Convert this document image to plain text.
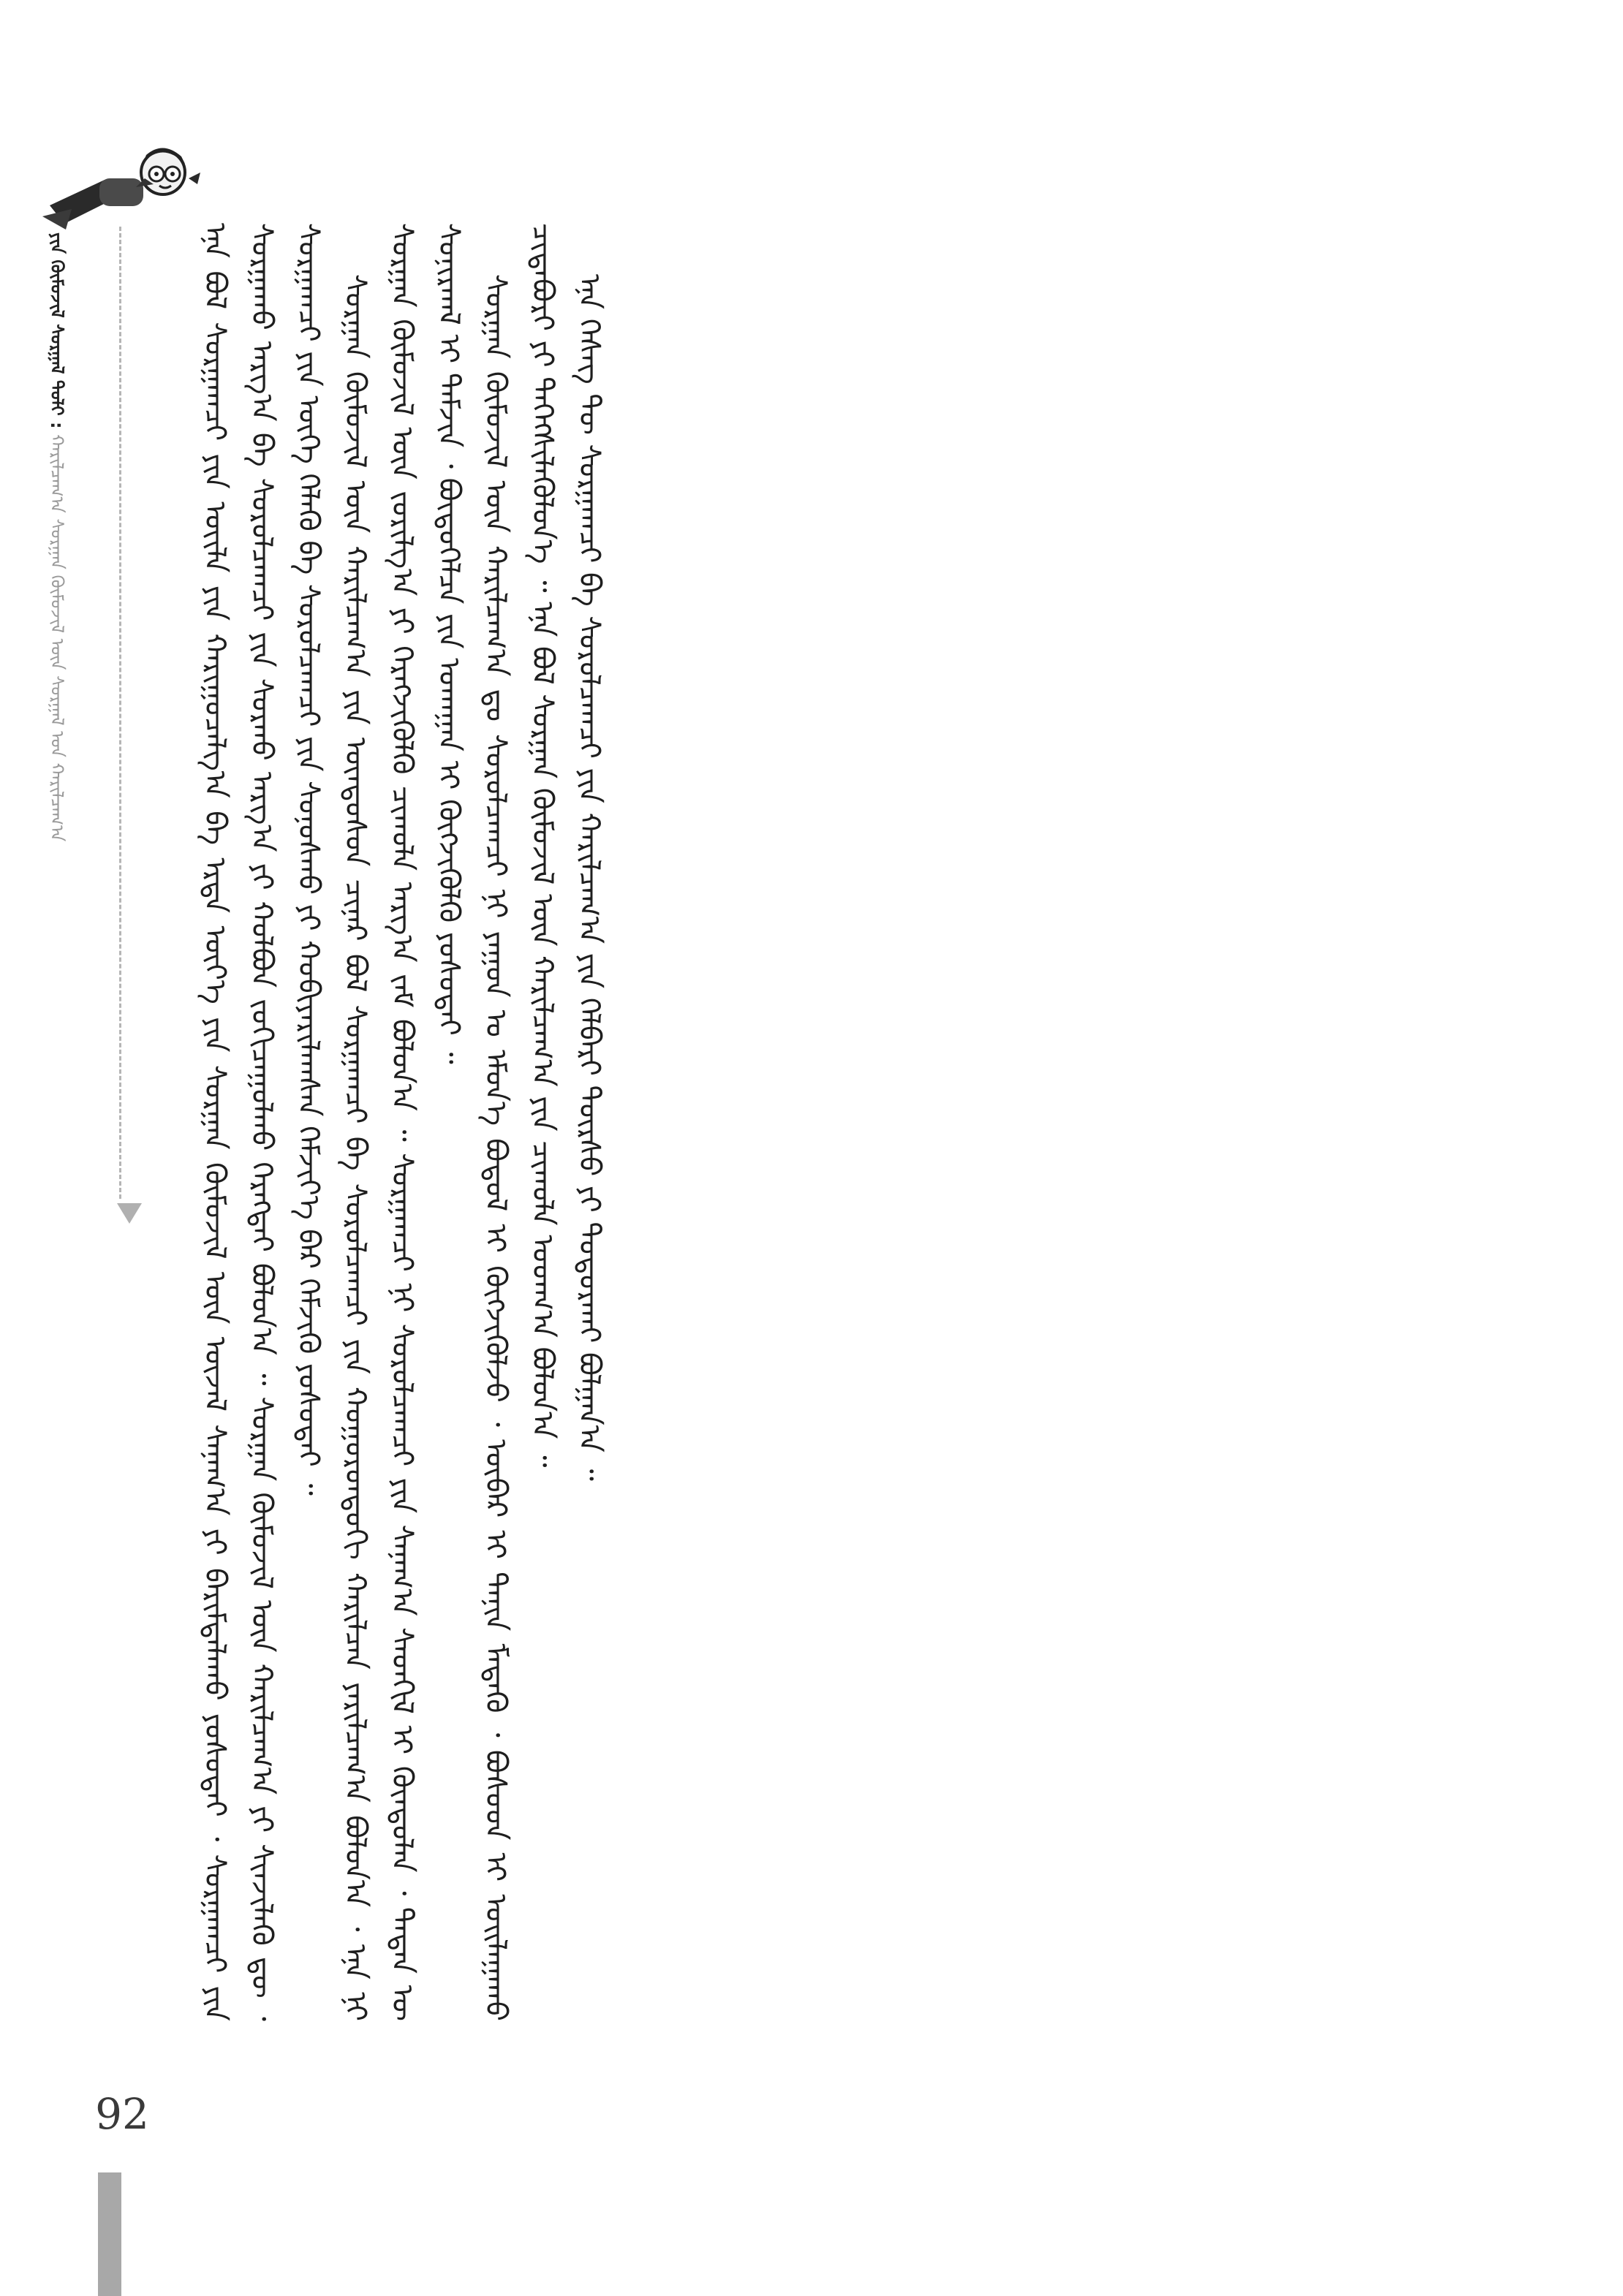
ᠶᠢᠨ ᠬᠦᠮᠦᠵᠢᠯ ᠰᠤᠷᠭᠠᠯ ᠲᠤᠯᠢ : ᠬᠠᠷᠢᠯᠴᠠᠭ᠎ᠠ ᠰᠤᠷᠭᠠᠨ ᠬᠦᠮᠦᠵᠢᠯ ᠦᠨ ᠰᠤᠷᠭᠠᠯ ᠤᠨ ᠬᠠᠷᠢᠯᠴᠠᠭ᠎ᠠ
92

ᠡᠨᠡ ᠪᠣᠯ ᠰᠤᠷᠭᠠᠭᠴᠢ ᠶᠢᠨ ᠦᠢᠯᠡ ᠶᠢᠨ ᠬᠠᠷᠢᠭᠤᠴᠠᠯᠭ᠎ᠠ ᠪᠠ ᠡᠷᠲᠡ ᠦᠶ᠎ᠡ ᠶᠢᠨ ᠰᠤᠷᠭᠠᠨ ᠬᠦᠮᠦᠵᠢᠯ ᠦᠨ ᠦᠵᠡᠯ ᠰᠠᠨᠠᠭ᠎ᠠ ᠶᠢ ᠪᠠᠷᠢᠮᠲᠠᠯᠠᠬᠤ ᠶᠤᠰᠤᠲᠠᠢ ᠂ ᠰᠤᠷᠭᠠᠭᠴᠢ ᠶᠢᠨ ᠰᠤᠷᠭᠠᠬᠤ ᠠᠷᠭ᠎ᠠ ᠪᠠ ᠰᠤᠷᠤᠯᠴᠠᠭᠴᠢ ᠶᠢᠨ ᠰᠤᠷᠬᠤ ᠠᠷᠭ᠎ᠠ ᠶᠢ ᠬᠣᠯᠪᠣᠨ ᠵᠣᠬᠢᠴᠠᠭᠤᠯᠬᠤ ᠬᠡᠷᠡᠭᠲᠡᠢ ᠪᠣᠯᠤᠨ᠎ᠠ ᠃ ᠰᠤᠷᠭᠠᠨ ᠬᠦᠮᠦᠵᠢᠯ ᠦᠨ ᠬᠠᠷᠢᠯᠴᠠᠭ᠎ᠠ ᠶᠢ ᠰᠢᠨᠵᠢᠯᠡᠬᠦ ᠳᠦ ᠂ ᠰᠤᠷᠭᠠᠭᠴᠢ ᠶᠢᠨ ᠦᠭᠡ ᠬᠡᠯᠡᠬᠦ ᠪᠠ ᠰᠤᠷᠤᠯᠴᠠᠭᠴᠢ ᠶᠢᠨ ᠰᠤᠨᠣᠰᠬᠤ ᠶᠢ ᠬᠤᠪᠢᠶᠠᠷᠢᠯᠠᠭᠰᠠᠨ ᠬᠡᠮᠵᠢᠶ᠎ᠡ ᠪᠡᠷ ᠬᠡᠮᠵᠢᠬᠦ ᠶᠤᠰᠤᠲᠠᠢ ᠃ ᠰᠤᠷᠭᠠᠨ ᠬᠦᠮᠦᠵᠢᠯ ᠦᠨ ᠬᠠᠷᠢᠯᠴᠠᠭ᠎ᠠ ᠶᠢᠨ ᠦᠨᠳᠦᠰᠦᠨ ᠴᠢᠨᠠᠷ ᠪᠣᠯ ᠰᠤᠷᠭᠠᠭᠴᠢ ᠪᠠ ᠰᠤᠷᠤᠯᠴᠠᠭᠴᠢ ᠶᠢᠨ ᠬᠣᠭᠣᠷᠣᠨᠳᠣᠬᠢ ᠬᠠᠷᠢᠯᠴᠠᠨ ᠶᠠᠷᠢᠯᠴᠠᠭ᠎ᠠ ᠪᠣᠯᠤᠨ᠎ᠠ ᠂ ᠡᠨᠡ ᠨᠢ ᠰᠤᠷᠭᠠᠨ ᠬᠦᠮᠦᠵᠢᠯ ᠦᠨ ᠵᠣᠷᠢᠯᠭ᠎ᠠ ᠶᠢ ᠬᠡᠷᠡᠭᠵᠢᠭᠦᠯᠬᠦ ᠴᠢᠬᠤᠯᠠ ᠠᠷᠭ᠎ᠠ ᠵᠠᠮ ᠪᠣᠯᠤᠨ᠎ᠠ ᠃ ᠰᠤᠷᠭᠠᠭᠴᠢ ᠨᠢ ᠰᠤᠷᠤᠯᠴᠠᠭᠴᠢ ᠶᠢᠨ ᠰᠠᠨᠠᠭ᠎ᠠ ᠰᠡᠳᠬᠢᠯ ᠢ ᠬᠦᠨᠳᠦᠯᠡᠨ ᠂ ᠲᠡᠳᠡᠨ ᠦ ᠰᠤᠨᠢᠷᠬᠠᠯ ᠢ ᠳᠡᠮᠵᠢᠨ ᠂ ᠪᠦᠲᠦᠭᠡᠯᠴᠡ ᠶᠢᠨ ᠤᠬᠠᠭᠠᠨ ᠢ ᠬᠥᠭᠵᠢᠭᠦᠯᠬᠦ ᠶᠤᠰᠤᠲᠠᠢ ᠃ ᠰᠤᠷᠭᠠᠨ ᠬᠦᠮᠦᠵᠢᠯ ᠦᠨ ᠬᠠᠷᠢᠯᠴᠠᠭ᠎ᠠ ᠳᠤ ᠰᠤᠷᠤᠯᠴᠠᠭᠴᠢ ᠨᠢ ᠶᠠᠭᠤᠨ ᠤ ᠡᠮᠦᠨ᠎ᠡ ᠪᠣᠳᠣᠯ ᠢ ᠬᠥᠭᠵᠢᠭᠦᠯᠵᠦ ᠂ ᠥᠪᠡᠷ ᠢ ᠲᠠᠨᠢᠨ ᠮᠡᠳᠡᠬᠦ ᠂ ᠪᠤᠰᠤᠳ ᠢ ᠣᠢᠯᠠᠭᠠᠬᠤ ᠴᠢᠳᠠᠪᠤᠷᠢ ᠶᠢ ᠳᠡᠭᠡᠭᠰᠢᠯᠡᠭᠦᠯᠦᠨ᠎ᠡ ᠃ ᠡᠨᠡ ᠪᠣᠯ ᠰᠤᠷᠭᠠᠨ ᠬᠦᠮᠦᠵᠢᠯ ᠦᠨ ᠬᠠᠷᠢᠯᠴᠠᠭ᠎ᠠ ᠶᠢᠨ ᠴᠢᠬᠤᠯᠠ ᠤᠳᠬ᠎ᠠ ᠪᠣᠯᠤᠨ᠎ᠠ ᠃ ᠡᠨᠡ ᠬᠡᠰᠡᠭ ᠲᠦ ᠰᠤᠷᠭᠠᠭᠴᠢ ᠪᠠ ᠰᠤᠷᠤᠯᠴᠠᠭᠴᠢ ᠶᠢᠨ ᠬᠠᠷᠢᠯᠴᠠᠭ᠎ᠠ ᠶᠢᠨ ᠬᠡᠯᠪᠡᠷᠢ ᠳᠦᠷᠰᠦ ᠶᠢ ᠲᠣᠳᠣᠷᠬᠠᠢ ᠪᠣᠯᠭᠠᠨ᠎ᠠ ᠃
